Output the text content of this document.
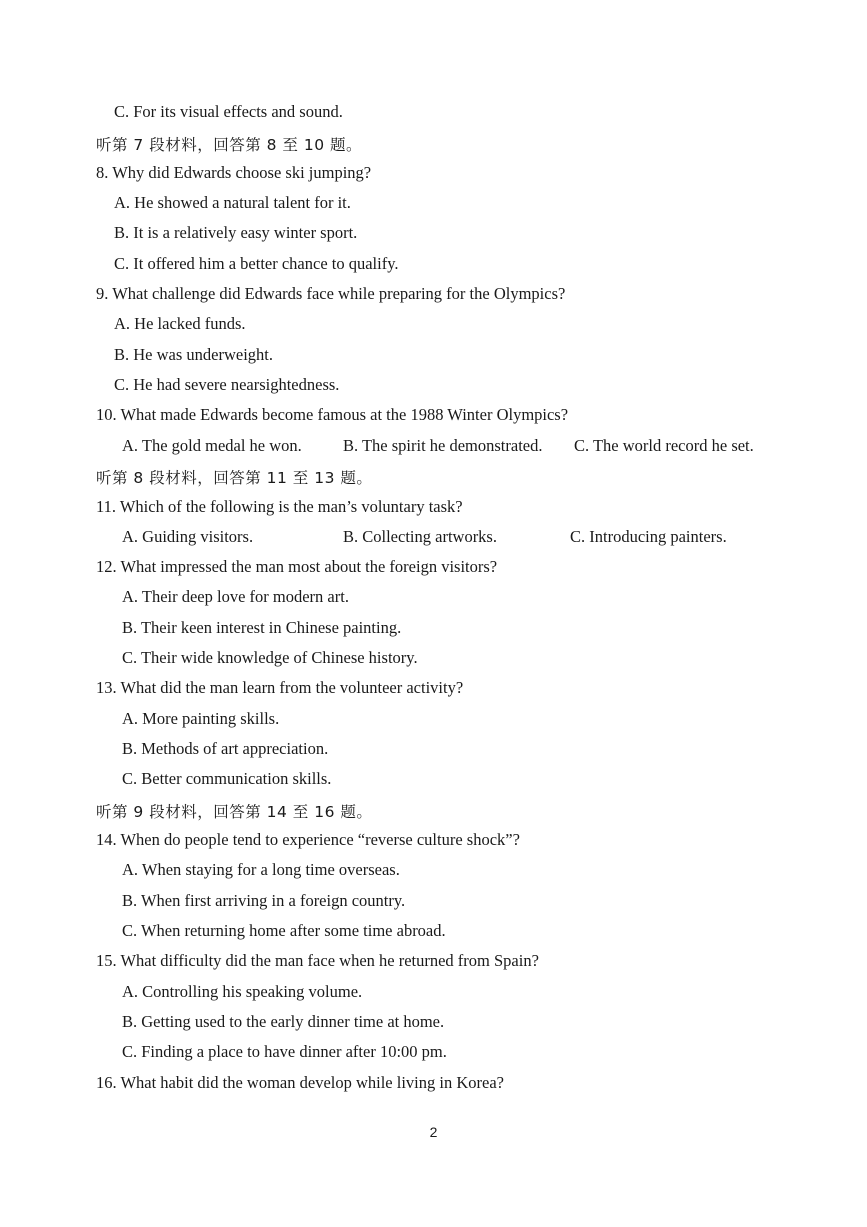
C. For its visual effects and sound.
听第 7 段材料，回答第 8 至 10 题。
8. Why did Edwards choose ski jumping?
A. He showed a natural talent for it.
B. It is a relatively easy winter sport.
C. It offered him a better chance to qualify.
9. What challenge did Edwards face while preparing for the Olympics?
A. He lacked funds.
B. He was underweight.
C. He had severe nearsightedness.
10. What made Edwards become famous at the 1988 Winter Olympics?
A. The gold medal he won. B. The spirit he demonstrated. C. The world record he set.
听第 8 段材料，回答第 11 至 13 题。
11. Which of the following is the man’s voluntary task?
A. Guiding visitors.	B. Collecting artworks.	C. Introducing painters.
12. What impressed the man most about the foreign visitors?
A. Their deep love for modern art.
B. Their keen interest in Chinese painting.
C. Their wide knowledge of Chinese history.
13. What did the man learn from the volunteer activity?
A. More painting skills.
B. Methods of art appreciation.
C. Better communication skills.
听第 9 段材料，回答第 14 至 16 题。
14. When do people tend to experience “reverse culture shock”?
A. When staying for a long time overseas.
B. When first arriving in a foreign country.
C. When returning home after some time abroad.
15. What difficulty did the man face when he returned from Spain?
A. Controlling his speaking volume.
B. Getting used to the early dinner time at home.
C. Finding a place to have dinner after 10:00 pm.
16. What habit did the woman develop while living in Korea?
2
